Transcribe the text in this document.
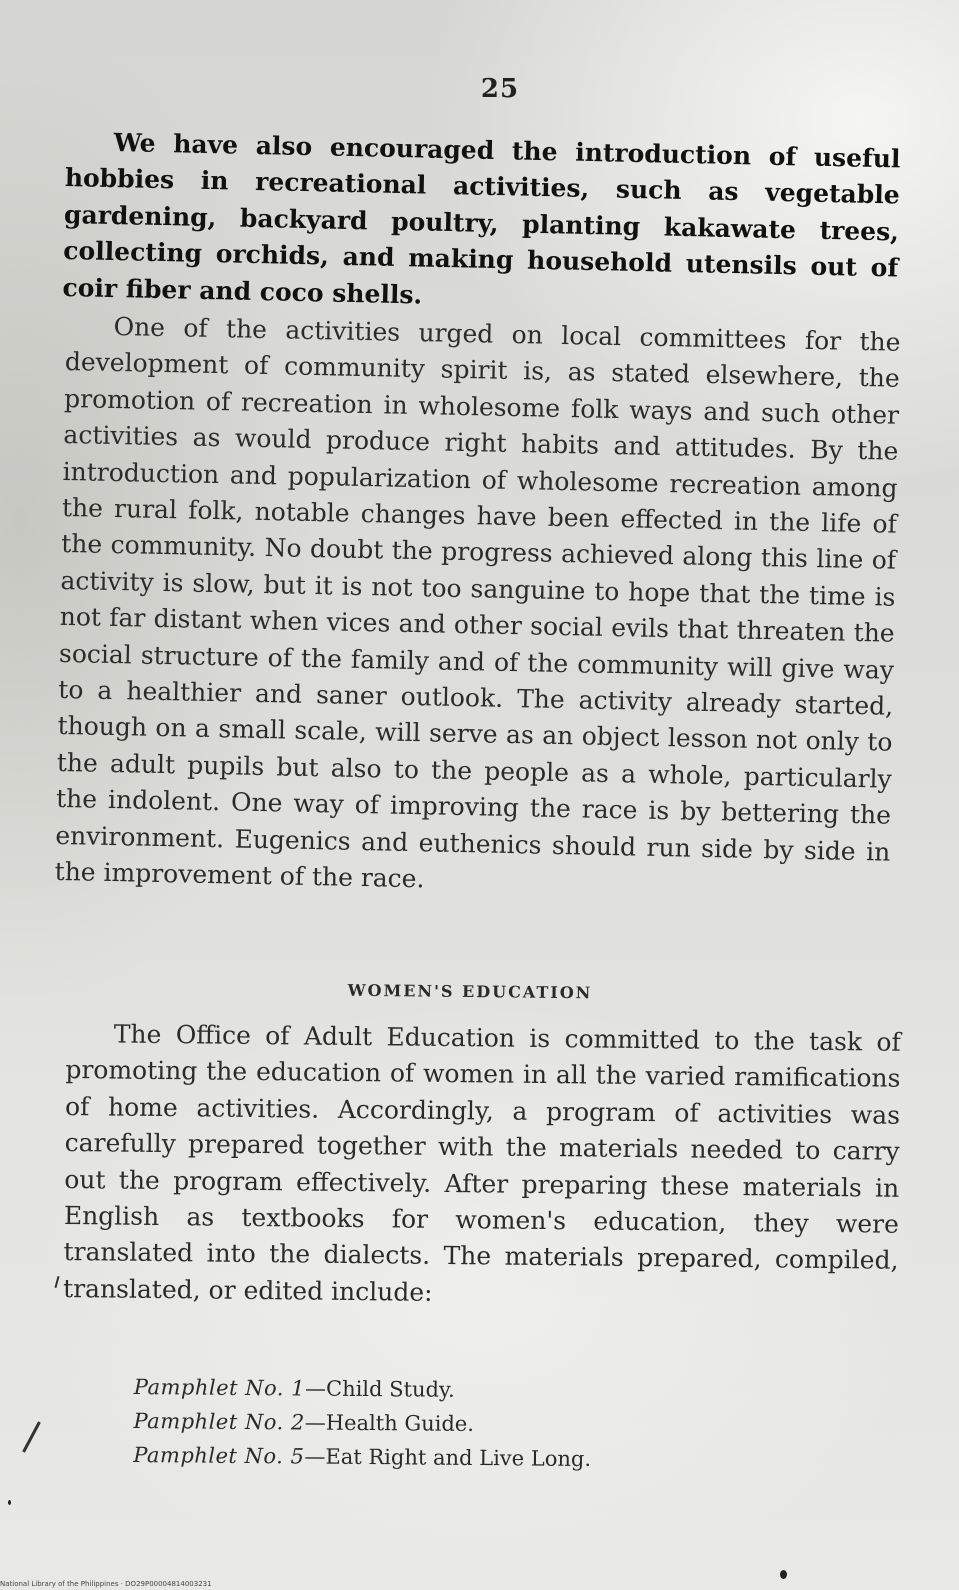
25

We have also encouraged the introduction of useful hobbies in recreational activities, such as vegetable gardening, backyard poultry, planting kakawate trees, collecting orchids, and making household utensils out of coir fiber and coco shells.

One of the activities urged on local committees for the development of community spirit is, as stated elsewhere, the promotion of recreation in wholesome folk ways and such other activities as would produce right habits and attitudes. By the introduction and popularization of wholesome recreation among the rural folk, notable changes have been effected in the life of the community. No doubt the progress achieved along this line of activity is slow, but it is not too sanguine to hope that the time is not far distant when vices and other social evils that threaten the social structure of the family and of the community will give way to a healthier and saner outlook. The activity already started, though on a small scale, will serve as an object lesson not only to the adult pupils but also to the people as a whole, particularly the indolent. One way of improving the race is by bettering the environment. Eugenics and euthenics should run side by side in the improvement of the race.

WOMEN'S EDUCATION

The Office of Adult Education is committed to the task of promoting the education of women in all the varied ramifications of home activities. Accordingly, a program of activities was carefully prepared together with the materials needed to carry out the program effectively. After preparing these materials in English as textbooks for women's education, they were translated into the dialects. The materials prepared, compiled, translated, or edited include:

Pamphlet No. 1—Child Study.
Pamphlet No. 2—Health Guide.
Pamphlet No. 5—Eat Right and Live Long.
National Library of the Philippines · DO29P00004814003231
